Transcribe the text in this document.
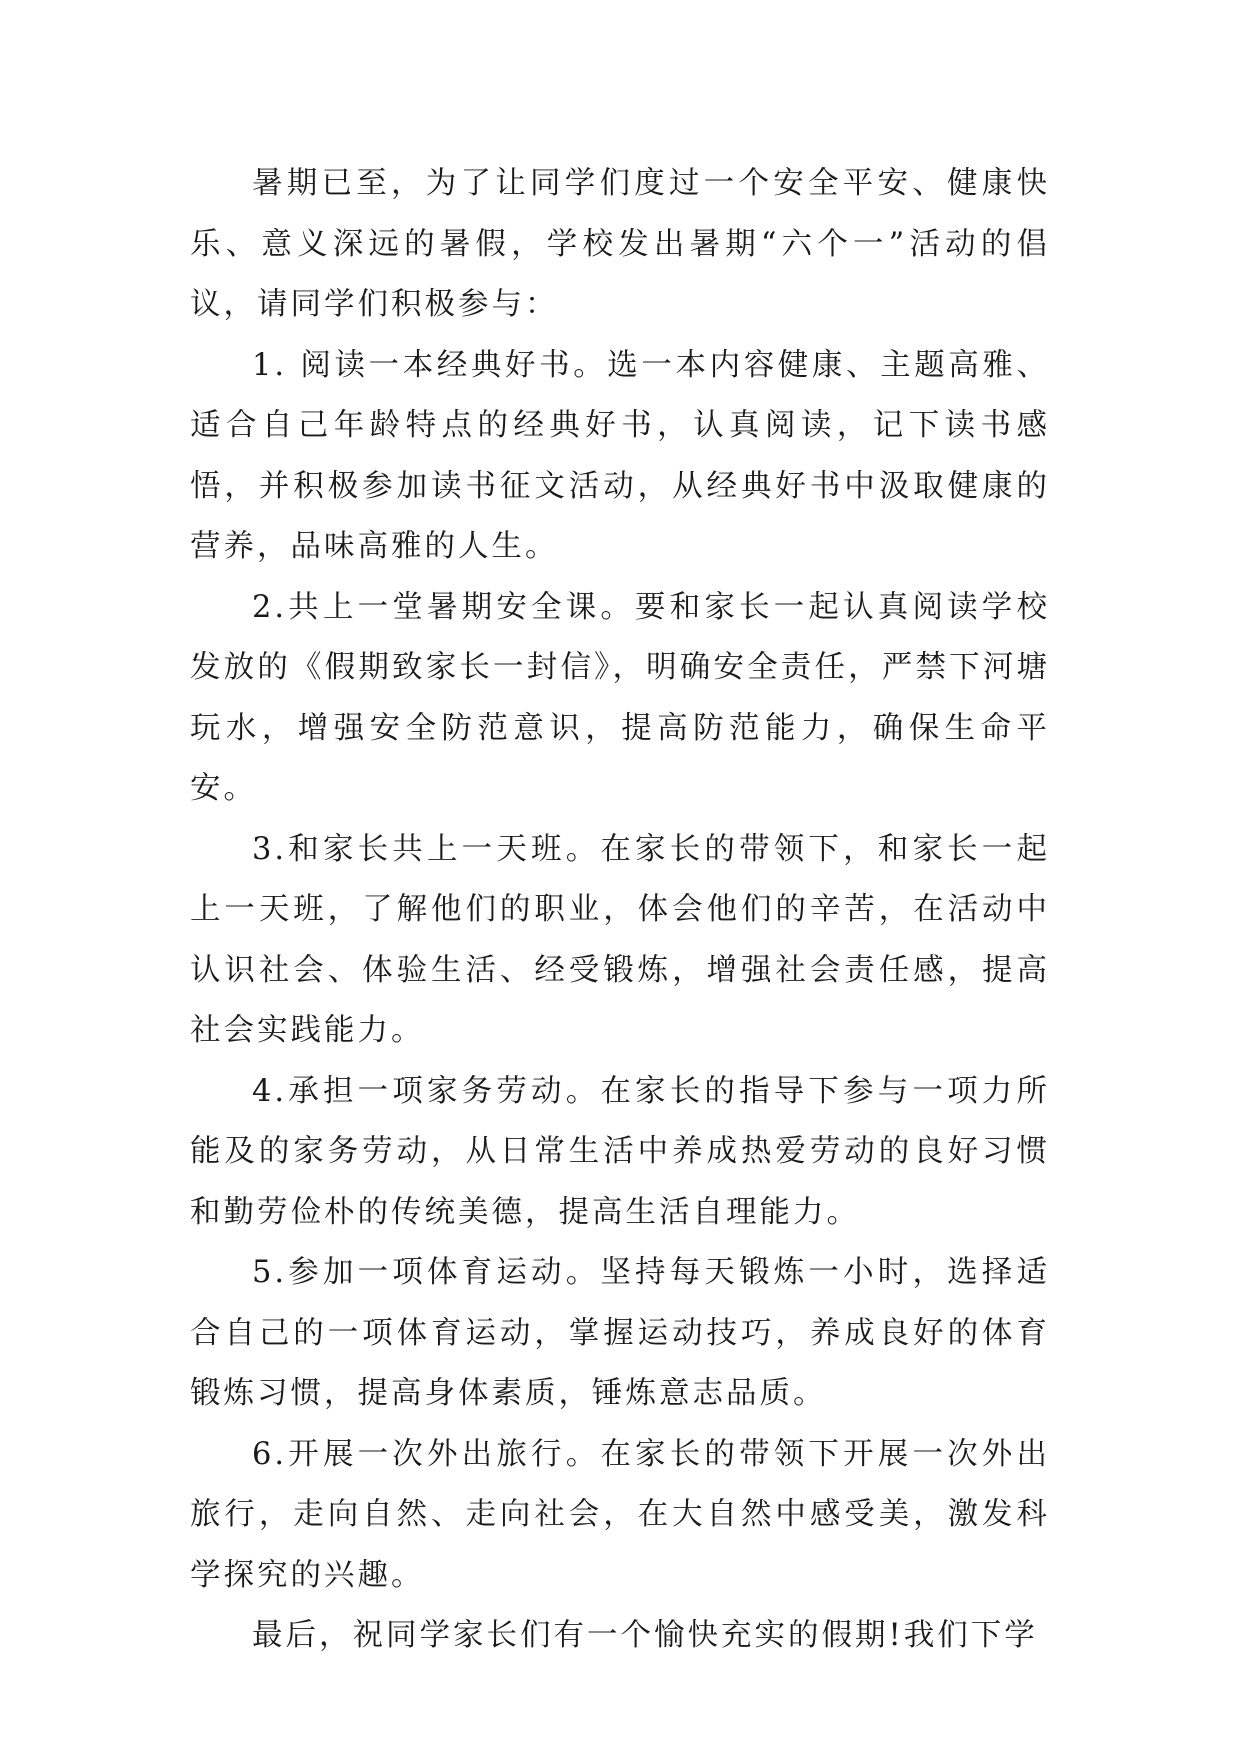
暑期已至，为了让同学们度过一个安全平安、健康快乐、意义深远的暑假，学校发出暑期“六个一”活动的倡议，请同学们积极参与：

1. 阅读一本经典好书。选一本内容健康、主题高雅、适合自己年龄特点的经典好书，认真阅读，记下读书感悟，并积极参加读书征文活动，从经典好书中汲取健康的营养，品味高雅的人生。

2.共上一堂暑期安全课。要和家长一起认真阅读学校发放的《假期致家长一封信》，明确安全责任，严禁下河塘玩水，增强安全防范意识，提高防范能力，确保生命平安。

3.和家长共上一天班。在家长的带领下，和家长一起上一天班，了解他们的职业，体会他们的辛苦，在活动中认识社会、体验生活、经受锻炼，增强社会责任感，提高社会实践能力。

4.承担一项家务劳动。在家长的指导下参与一项力所能及的家务劳动，从日常生活中养成热爱劳动的良好习惯和勤劳俭朴的传统美德，提高生活自理能力。

5.参加一项体育运动。坚持每天锻炼一小时，选择适合自己的一项体育运动，掌握运动技巧，养成良好的体育锻炼习惯，提高身体素质，锤炼意志品质。

6.开展一次外出旅行。在家长的带领下开展一次外出旅行，走向自然、走向社会，在大自然中感受美，激发科学探究的兴趣。

最后，祝同学家长们有一个愉快充实的假期!我们下学
